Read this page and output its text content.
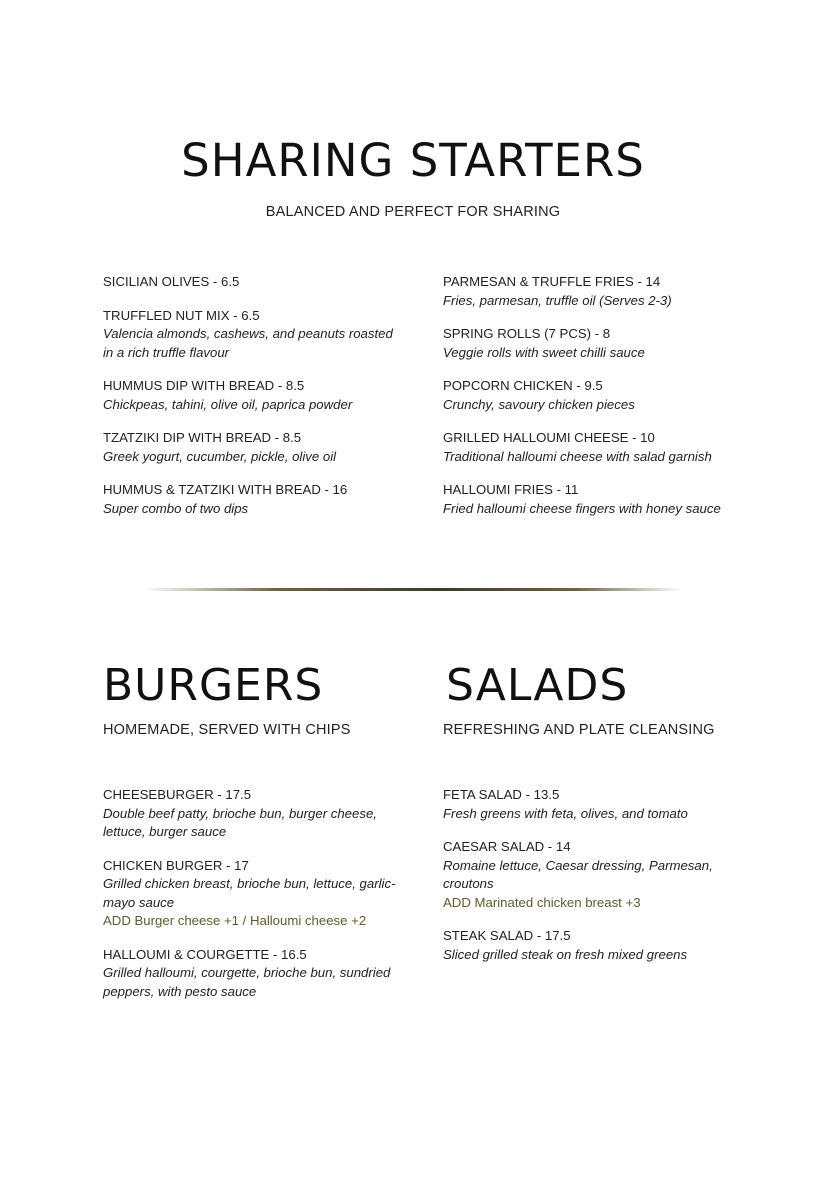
SHARING STARTERS

BALANCED AND PERFECT FOR SHARING

SICILIAN OLIVES - 6.5
TRUFFLED NUT MIX - 6.5
Valencia almonds, cashews, and peanuts roasted in a rich truffle flavour
HUMMUS DIP WITH BREAD - 8.5
Chickpeas, tahini, olive oil, paprica powder
TZATZIKI DIP WITH BREAD - 8.5
Greek yogurt, cucumber, pickle, olive oil
HUMMUS & TZATZIKI WITH BREAD - 16
Super combo of two dips
PARMESAN & TRUFFLE FRIES - 14
Fries, parmesan, truffle oil (Serves 2-3)
SPRING ROLLS (7 PCS) - 8
Veggie rolls with sweet chilli sauce
POPCORN CHICKEN - 9.5
Crunchy, savoury chicken pieces
GRILLED HALLOUMI CHEESE - 10
Traditional halloumi cheese with salad garnish
HALLOUMI FRIES - 11
Fried halloumi cheese fingers with honey sauce
BURGERS

HOMEMADE, SERVED WITH CHIPS

CHEESEBURGER - 17.5
Double beef patty, brioche bun, burger cheese, lettuce, burger sauce
CHICKEN BURGER - 17
Grilled chicken breast, brioche bun, lettuce, garlic-mayo sauce
ADD Burger cheese +1 / Halloumi cheese +2
HALLOUMI & COURGETTE - 16.5
Grilled halloumi, courgette, brioche bun, sundried peppers, with pesto sauce
SALADS

REFRESHING AND PLATE CLEANSING

FETA SALAD - 13.5
Fresh greens with feta, olives, and tomato
CAESAR SALAD - 14
Romaine lettuce, Caesar dressing, Parmesan, croutons
ADD Marinated chicken breast +3
STEAK SALAD - 17.5
Sliced grilled steak on fresh mixed greens
